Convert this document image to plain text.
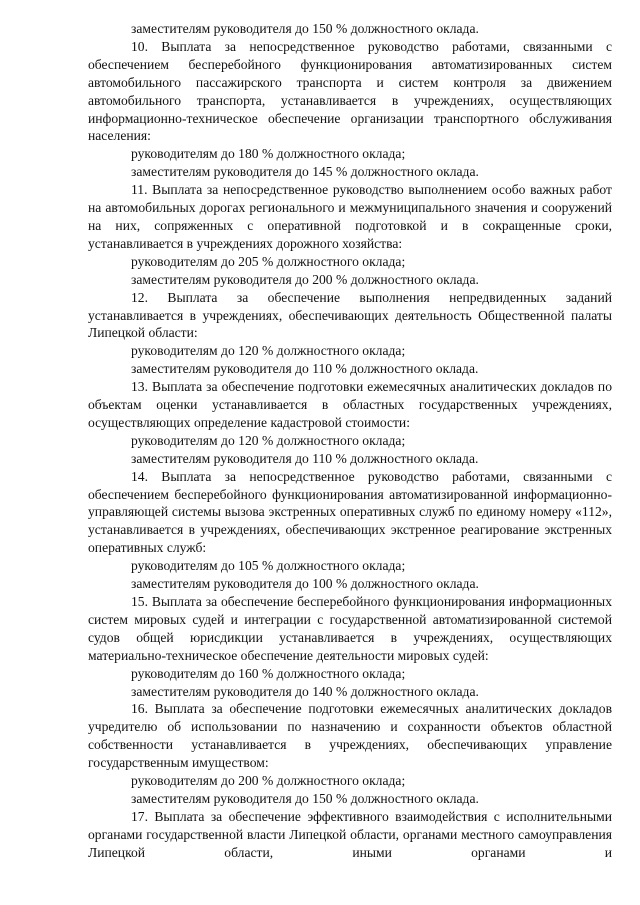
заместителям руководителя до 150 % должностного оклада.

10. Выплата за непосредственное руководство работами, связанными с обеспечением бесперебойного функционирования автоматизированных систем автомобильного пассажирского транспорта и систем контроля за движением автомобильного транспорта, устанавливается в учреждениях, осуществляющих информационно-техническое обеспечение организации транспортного обслуживания населения:

руководителям до 180 % должностного оклада;

заместителям руководителя до 145 % должностного оклада.

11. Выплата за непосредственное руководство выполнением особо важных работ на автомобильных дорогах регионального и межмуниципального значения и сооружений на них, сопряженных с оперативной подготовкой и в сокращенные сроки, устанавливается в учреждениях дорожного хозяйства:

руководителям до 205 % должностного оклада;

заместителям руководителя до 200 % должностного оклада.

12. Выплата за обеспечение выполнения непредвиденных заданий устанавливается в учреждениях, обеспечивающих деятельность Общественной палаты Липецкой области:

руководителям до 120 % должностного оклада;

заместителям руководителя до 110 % должностного оклада.

13. Выплата за обеспечение подготовки ежемесячных аналитических докладов по объектам оценки устанавливается в областных государственных учреждениях, осуществляющих определение кадастровой стоимости:

руководителям до 120 % должностного оклада;

заместителям руководителя до 110 % должностного оклада.

14. Выплата за непосредственное руководство работами, связанными с обеспечением бесперебойного функционирования автоматизированной информационно-управляющей системы вызова экстренных оперативных служб по единому номеру «112», устанавливается в учреждениях, обеспечивающих экстренное реагирование экстренных оперативных служб:

руководителям до 105 % должностного оклада;

заместителям руководителя до 100 % должностного оклада.

15. Выплата за обеспечение бесперебойного функционирования информационных систем мировых судей и интеграции с государственной автоматизированной системой судов общей юрисдикции устанавливается в учреждениях, осуществляющих материально-техническое обеспечение деятельности мировых судей:

руководителям до 160 % должностного оклада;

заместителям руководителя до 140 % должностного оклада.

16. Выплата за обеспечение подготовки ежемесячных аналитических докладов учредителю об использовании по назначению и сохранности объектов областной собственности устанавливается в учреждениях, обеспечивающих управление государственным имуществом:

руководителям до 200 % должностного оклада;

заместителям руководителя до 150 % должностного оклада.

17. Выплата за обеспечение эффективного взаимодействия с исполнительными органами государственной власти Липецкой области, органами местного самоуправления Липецкой области, иными органами и
